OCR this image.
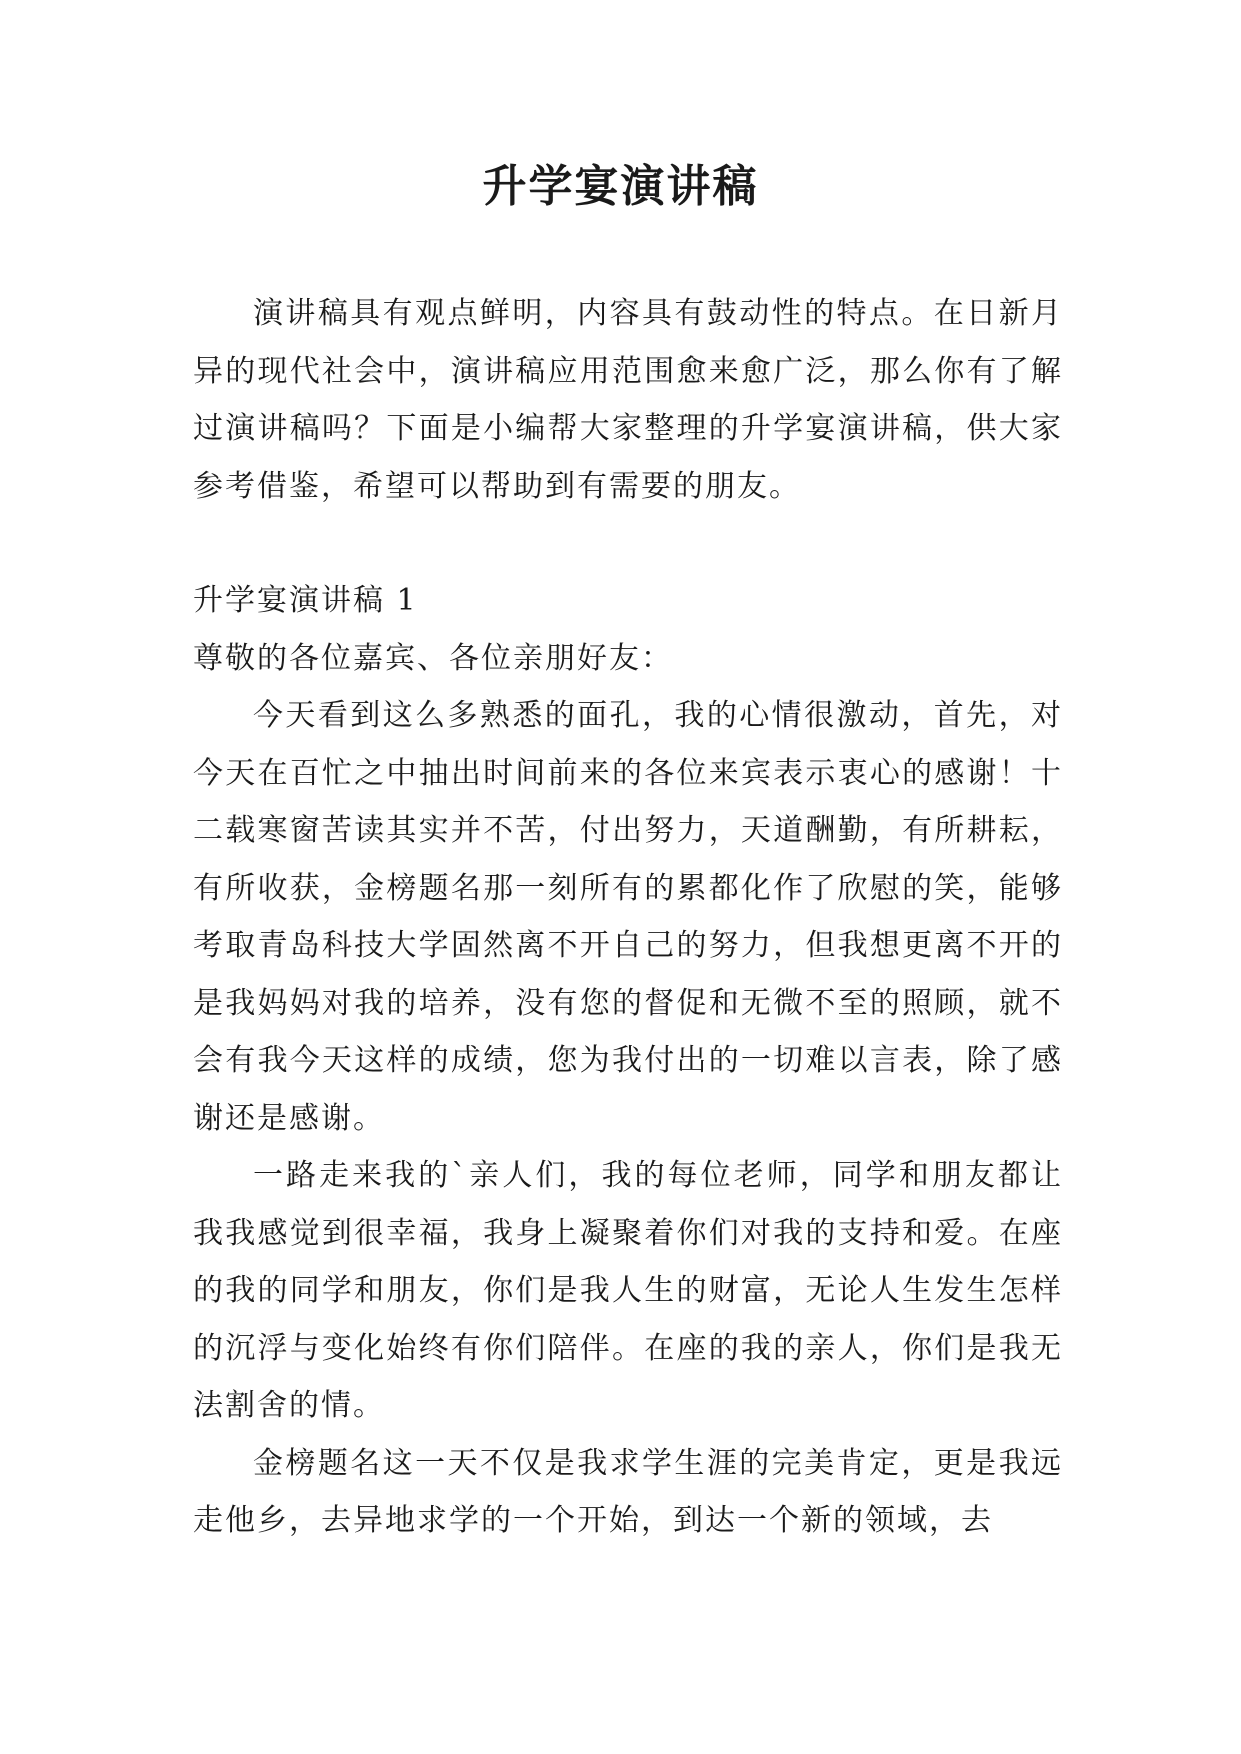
升学宴演讲稿

演讲稿具有观点鲜明，内容具有鼓动性的特点。在日新月异的现代社会中，演讲稿应用范围愈来愈广泛，那么你有了解过演讲稿吗？下面是小编帮大家整理的升学宴演讲稿，供大家参考借鉴，希望可以帮助到有需要的朋友。

升学宴演讲稿 1

尊敬的各位嘉宾、各位亲朋好友：

今天看到这么多熟悉的面孔，我的心情很激动，首先，对今天在百忙之中抽出时间前来的各位来宾表示衷心的感谢！十二载寒窗苦读其实并不苦，付出努力，天道酬勤，有所耕耘，有所收获，金榜题名那一刻所有的累都化作了欣慰的笑，能够考取青岛科技大学固然离不开自己的努力，但我想更离不开的是我妈妈对我的培养，没有您的督促和无微不至的照顾，就不会有我今天这样的成绩，您为我付出的一切难以言表，除了感谢还是感谢。

一路走来我的`亲人们，我的每位老师，同学和朋友都让我我感觉到很幸福，我身上凝聚着你们对我的支持和爱。在座的我的同学和朋友，你们是我人生的财富，无论人生发生怎样的沉浮与变化始终有你们陪伴。在座的我的亲人，你们是我无法割舍的情。

金榜题名这一天不仅是我求学生涯的完美肯定，更是我远走他乡，去异地求学的一个开始，到达一个新的领域，去
